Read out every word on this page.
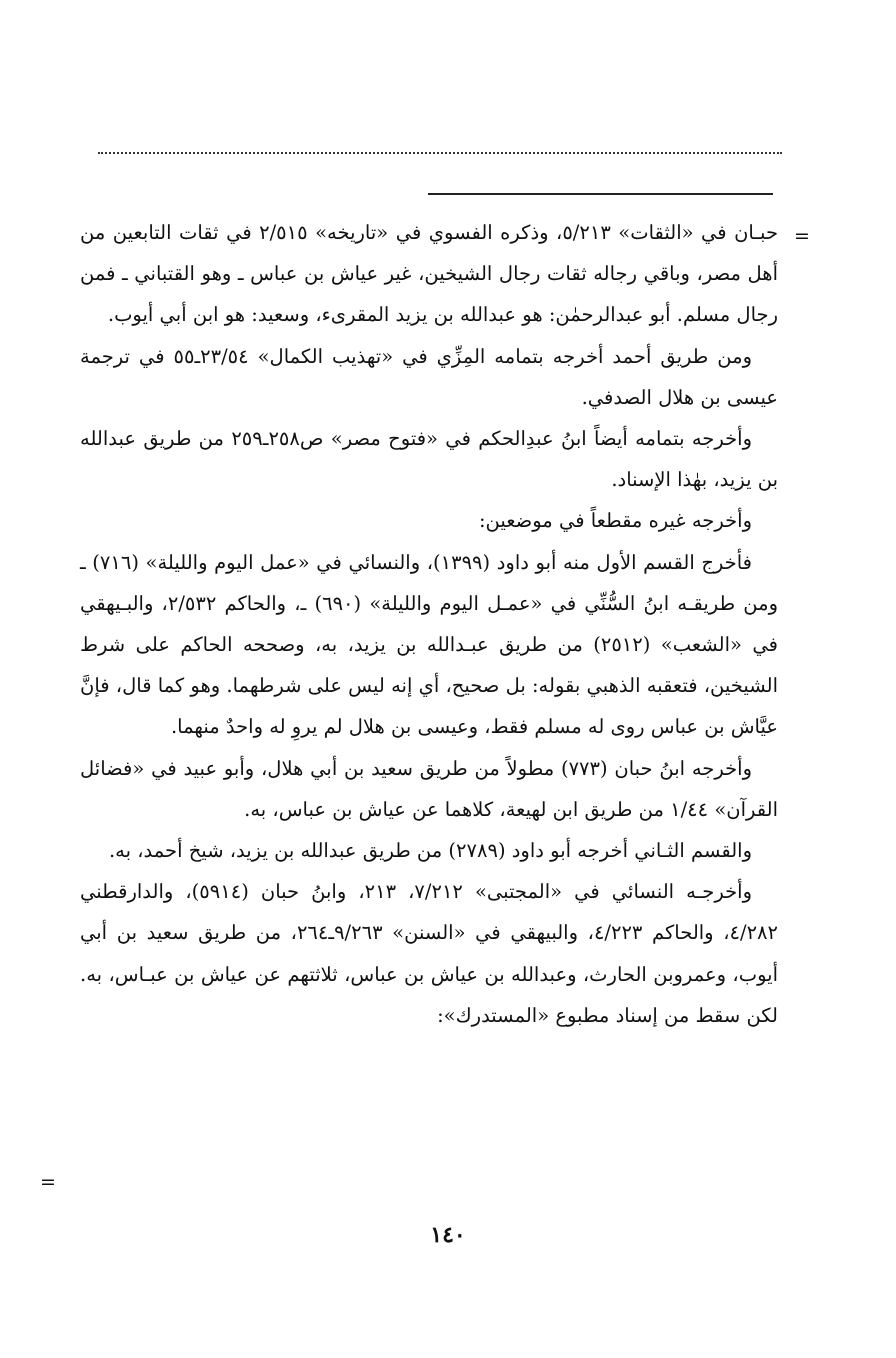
=

حبـان في «الثقات» ٥/٢١٣، وذكره الفسوي في «تاريخه» ٢/٥١٥ في ثقات التابعين من أهل مصر، وباقي رجاله ثقات رجال الشيخين، غير عياش بن عباس ـ وهو القتباني ـ فمن رجال مسلم. أبو عبدالرحمٰن: هو عبدالله بن يزيد المقرىء، وسعيد: هو ابن أبي أيوب.

ومن طريق أحمد أخرجه بتمامه المِزِّي في «تهذيب الكمال» ٢٣/٥٤ـ٥٥ في ترجمة عيسى بن هلال الصدفي.

وأخرجه بتمامه أيضاً ابنُ عبدِالحكم في «فتوح مصر» ص٢٥٨ـ٢٥٩ من طريق عبدالله بن يزيد، بهٰذا الإسناد.

وأخرجه غيره مقطعاً في موضعين:

فأخرج القسم الأول منه أبو داود (١٣٩٩)، والنسائي في «عمل اليوم والليلة» (٧١٦) ـ ومن طريقـه ابنُ السُّنِّي في «عمـل اليوم والليلة» (٦٩٠) ـ، والحاكم ٢/٥٣٢، والبـيهقي في «الشعب» (٢٥١٢) من طريق عبـدالله بن يزيد، به، وصححه الحاكم على شرط الشيخين، فتعقبه الذهبي بقوله: بل صحيح، أي إنه ليس على شرطهما. وهو كما قال، فإنَّ عيَّاش بن عباس روى له مسلم فقط، وعيسى بن هلال لم يروِ له واحدٌ منهما.

وأخرجه ابنُ حبان (٧٧٣) مطولاً من طريق سعيد بن أبي هلال، وأبو عبيد في «فضائل القرآن» ١/٤٤ من طريق ابن لهيعة، كلاهما عن عياش بن عباس، به.

والقسم الثـاني أخرجه أبو داود (٢٧٨٩) من طريق عبدالله بن يزيد، شيخ أحمد، به.

وأخرجـه النسائي في «المجتبى» ٧/٢١٢، ٢١٣، وابنُ حبان (٥٩١٤)، والدارقطني ٤/٢٨٢، والحاكم ٤/٢٢٣، والبيهقي في «السنن» ٩/٢٦٣ـ٢٦٤، من طريق سعيد بن أبي أيوب، وعمروبن الحارث، وعبدالله بن عياش بن عباس، ثلاثتهم عن عياش بن عبـاس، به. لكن سقط من إسناد مطبوع «المستدرك»:

=
١٤٠
